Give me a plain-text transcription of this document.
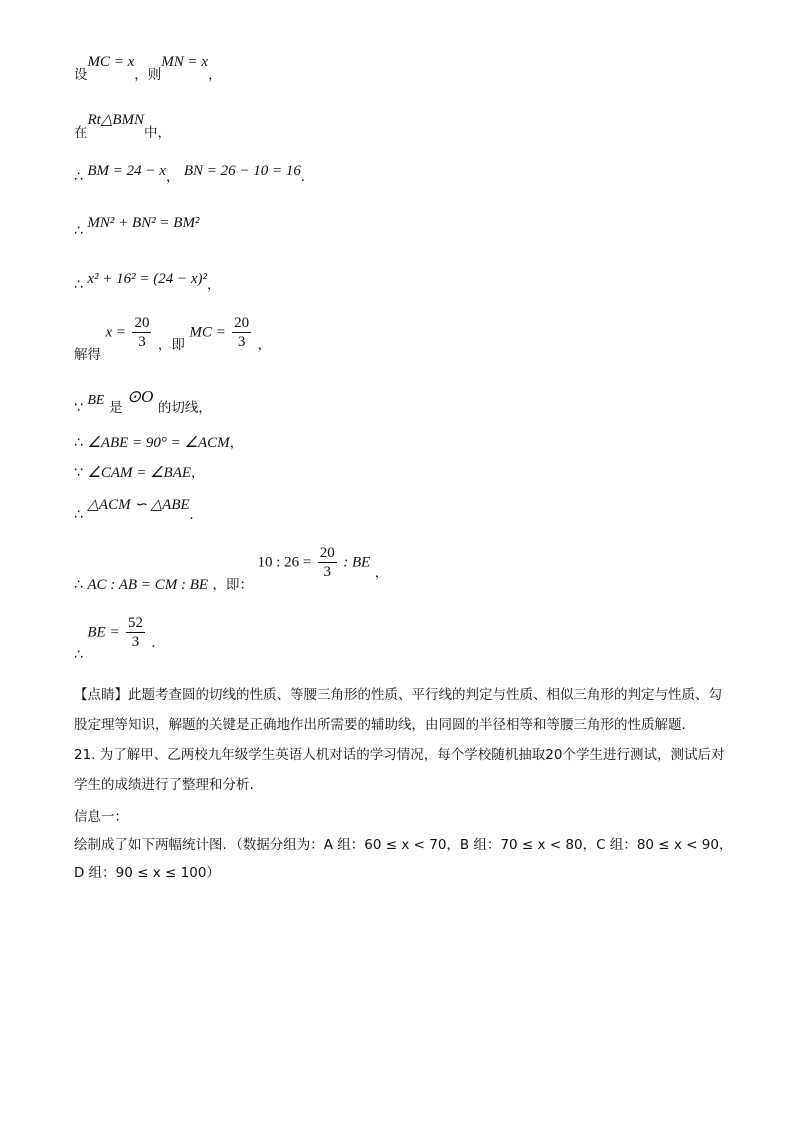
设MC = x，则MN = x，
在Rt△BMN中，
∴ BM = 24 − x， BN = 26 − 10 = 16.
∴ MN² + BN² = BM²
∴ x² + 16² = (24 − x)²，
解得 $x = \frac{20}{3}$ ，即 MC = $\frac{20}{3}$ ，
∵ BE 是 ⊙O 的切线，
∴ ∠ABE = 90° = ∠ACM，
∵ ∠CAM = ∠BAE，
∴ △ACM ∽ △ABE.
∴ AC : AB = CM : BE ，即： 10 : $26 = \frac{20}{3}$ : BE ，
∴ BE = $\frac{52}{3}$ .
【点睛】此题考查圆的切线的性质、等腰三角形的性质、平行线的判定与性质、相似三角形的判定与性质、勾股定理等知识，解题的关键是正确地作出所需要的辅助线，由同圆的半径相等和等腰三角形的性质解题.
21. 为了解甲、乙两校九年级学生英语人机对话的学习情况，每个学校随机抽取20个学生进行测试，测试后对学生的成绩进行了整理和分析.
信息一：
绘制成了如下两幅统计图．（数据分组为：A 组：60 ≤ x < 70，B 组：70 ≤ x < 80，C 组：80 ≤ x < 90，
D 组：90 ≤ x ≤ 100）
